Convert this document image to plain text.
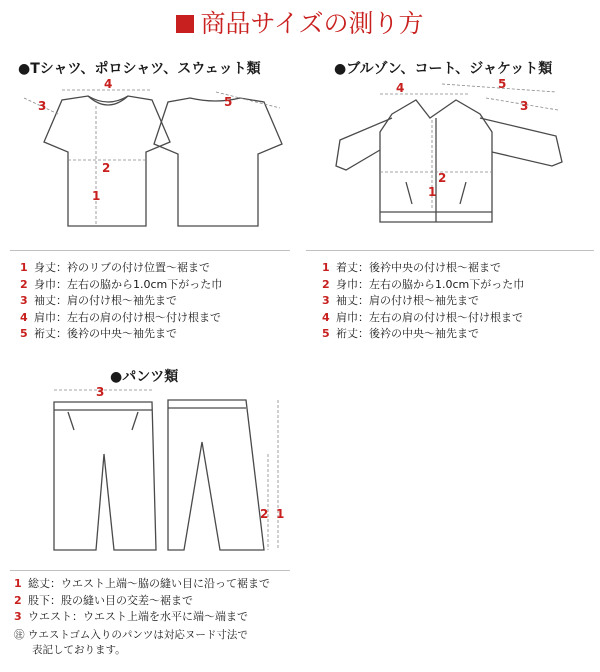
商品サイズの測り方
●Tシャツ、ポロシャツ、スウェット類	●ブルゾン、コート、ジャケット類
●パンツ類
1
2
3
4
5
1
2
3
4	5
1 身丈：衿のリブの付け位置～裾まで
2 身巾：左右の脇から1.0cm下がった巾
3 袖丈：肩の付け根～袖先まで
4 肩巾：左右の肩の付け根～付け根まで
5 裄丈：後衿の中央～袖先まで
1 着丈：後衿中央の付け根～裾まで
2 身巾：左右の脇から1.0cm下がった巾
3 袖丈：肩の付け根～袖先まで
4 肩巾：左右の肩の付け根～付け根まで
5 裄丈：後衿の中央～袖先まで
3
2 1
1 総丈：ウエスト上端～脇の縫い目に沿って裾まで
2 股下：股の縫い目の交差～裾まで
3 ウエスト：ウエスト上端を水平に端～端まで
㊟ ウエストゴム入りのパンツは対応ヌード寸法で
表記しております。
